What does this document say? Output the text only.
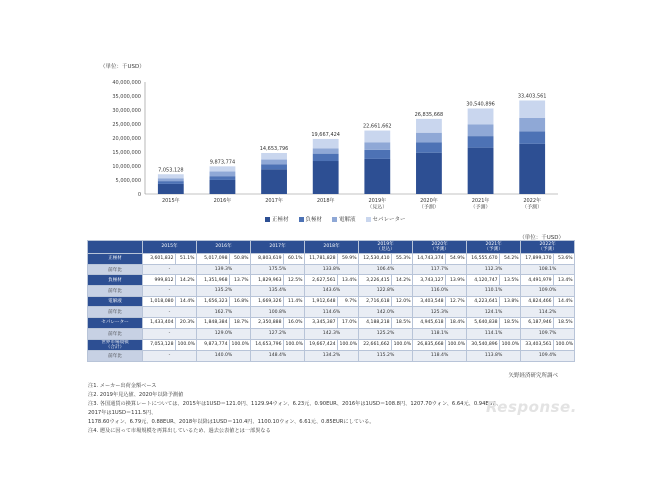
0
5,000,000
10,000,000
15,000,000
20,000,000
25,000,000
30,000,000
35,000,000
40,000,000
7,053,128
2015年
9,873,774
2016年
14,653,796
2017年
19,667,424
2018年
22,661,662
2019年
（見込）
26,835,668
2020年
（予測）
30,540,896
2021年
（予測）
33,403,561
2022年
（予測）
（単位：千USD）
正極材	負極材	電解液	セパレーター
（単位：千USD）
	2015年		2016年		2017年		2018年		2019年
（見込）		2020年
（予測）		2021年
（予測）		2022年
（予測）	
正極材	3,601,832	51.1%	5,017,098	50.8%	8,803,619	60.1%	11,781,828	59.9%	12,530,410	55.3%	14,743,374	54.9%	16,555,670	54.2%	17,899,170	53.6%
前年比	-		139.3%		175.5%		133.8%		106.4%		117.7%		112.3%		108.1%	
負極材	999,812	14.2%	1,351,968	13.7%	1,829,963	12.5%	2,627,561	13.4%	3,226,415	14.2%	3,743,127	13.9%	4,120,747	13.5%	4,491,979	13.4%
前年比	-		135.2%		135.4%		143.6%		122.8%		116.0%		110.1%		109.0%	
電解液	1,018,080	14.4%	1,656,323	16.8%	1,669,326	11.4%	1,912,648	9.7%	2,716,618	12.0%	3,403,548	12.7%	4,223,641	13.8%	4,824,466	14.4%
前年比	-		162.7%		100.8%		114.6%		142.0%		125.3%		124.1%		114.2%	
セパレーター	1,433,404	20.3%	1,848,384	18.7%	2,350,888	16.0%	3,345,387	17.0%	4,188,218	18.5%	4,945,618	18.4%	5,640,838	18.5%	6,187,946	18.5%
前年比	-		129.0%		127.2%		142.3%		125.2%		118.1%		114.1%		109.7%	
世界市場規模
（合計）	7,053,128	100.0%	9,873,774	100.0%	14,653,796	100.0%	19,667,424	100.0%	22,661,662	100.0%	26,835,668	100.0%	30,540,896	100.0%	33,403,561	100.0%
前年比	-		140.0%		148.4%		134.2%		115.2%		118.4%		113.8%		109.4%	
矢野経済研究所調べ
注1. メーカー出荷金額ベース
注2. 2019年見込値、2020年以降予測値
注3. 各国通貨の換算レートについては、2015年は1USD＝121.0円、1129.94ウォン、6.23元、0.90EUR、2016年は1USD＝108.8円、1207.70ウォン、6.64元、0.94EUR、2017年は1USD＝111.5円、
1178.60ウォン、6.79元、0.88EUR、2018年以降は1USD＝110.4円、1100.10ウォン、6.61元、0.85EURにしている。
注4. 遡及に因って市場規模を再算出しているため、過去公表値とは一部異なる
Response.
